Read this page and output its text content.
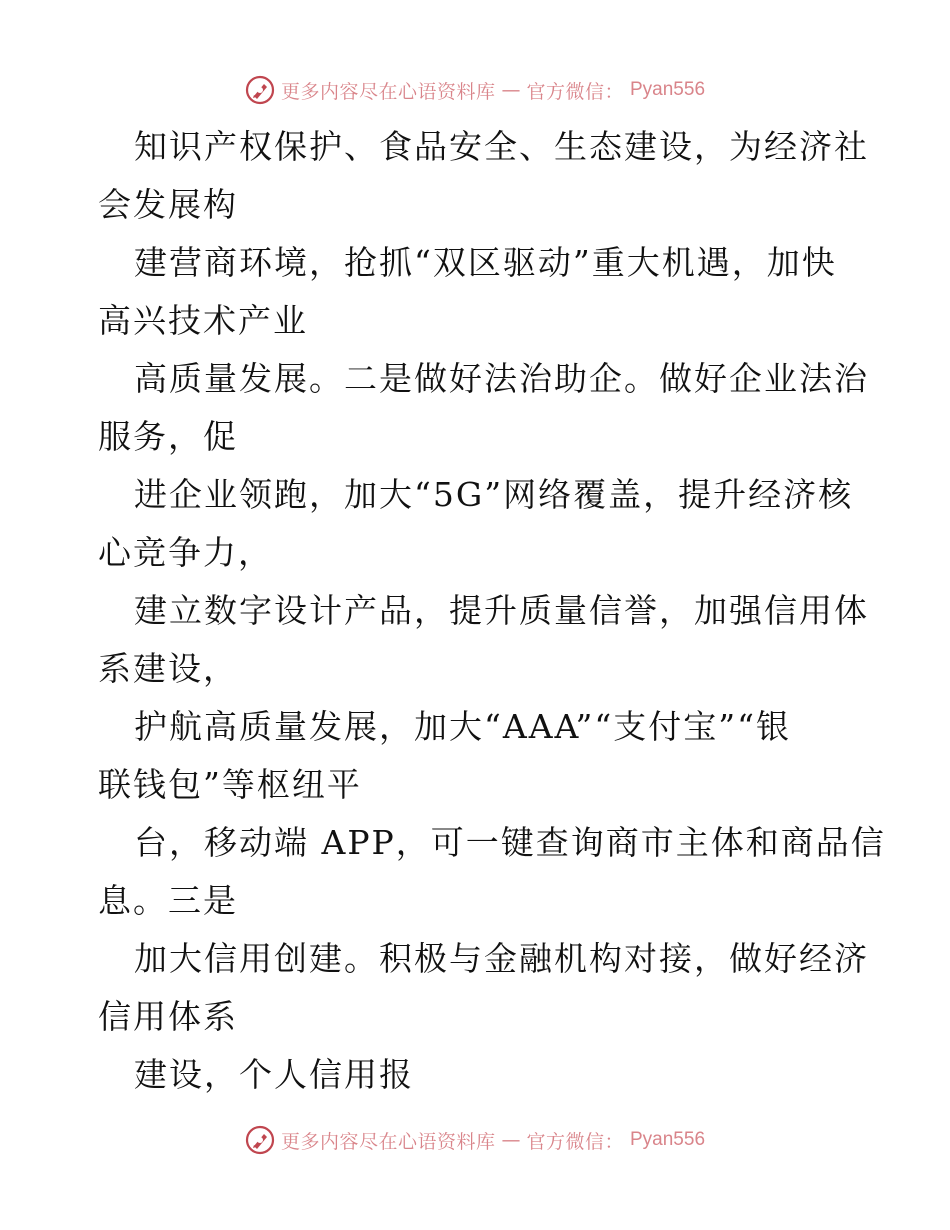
更多内容尽在心语资料库 — 官方微信： Pyan556
知识产权保护、食品安全、生态建设，为经济社
会发展构
建营商环境，抢抓“双区驱动”重大机遇，加快
高兴技术产业
高质量发展。二是做好法治助企。做好企业法治
服务，促
进企业领跑，加大“5G”网络覆盖，提升经济核
心竞争力，
建立数字设计产品，提升质量信誉，加强信用体
系建设，
护航高质量发展，加大“AAA”“支付宝”“银
联钱包”等枢纽平
台，移动端 APP，可一键查询商市主体和商品信
息。三是
加大信用创建。积极与金融机构对接，做好经济
信用体系
建设，个人信用报
更多内容尽在心语资料库 — 官方微信： Pyan556
